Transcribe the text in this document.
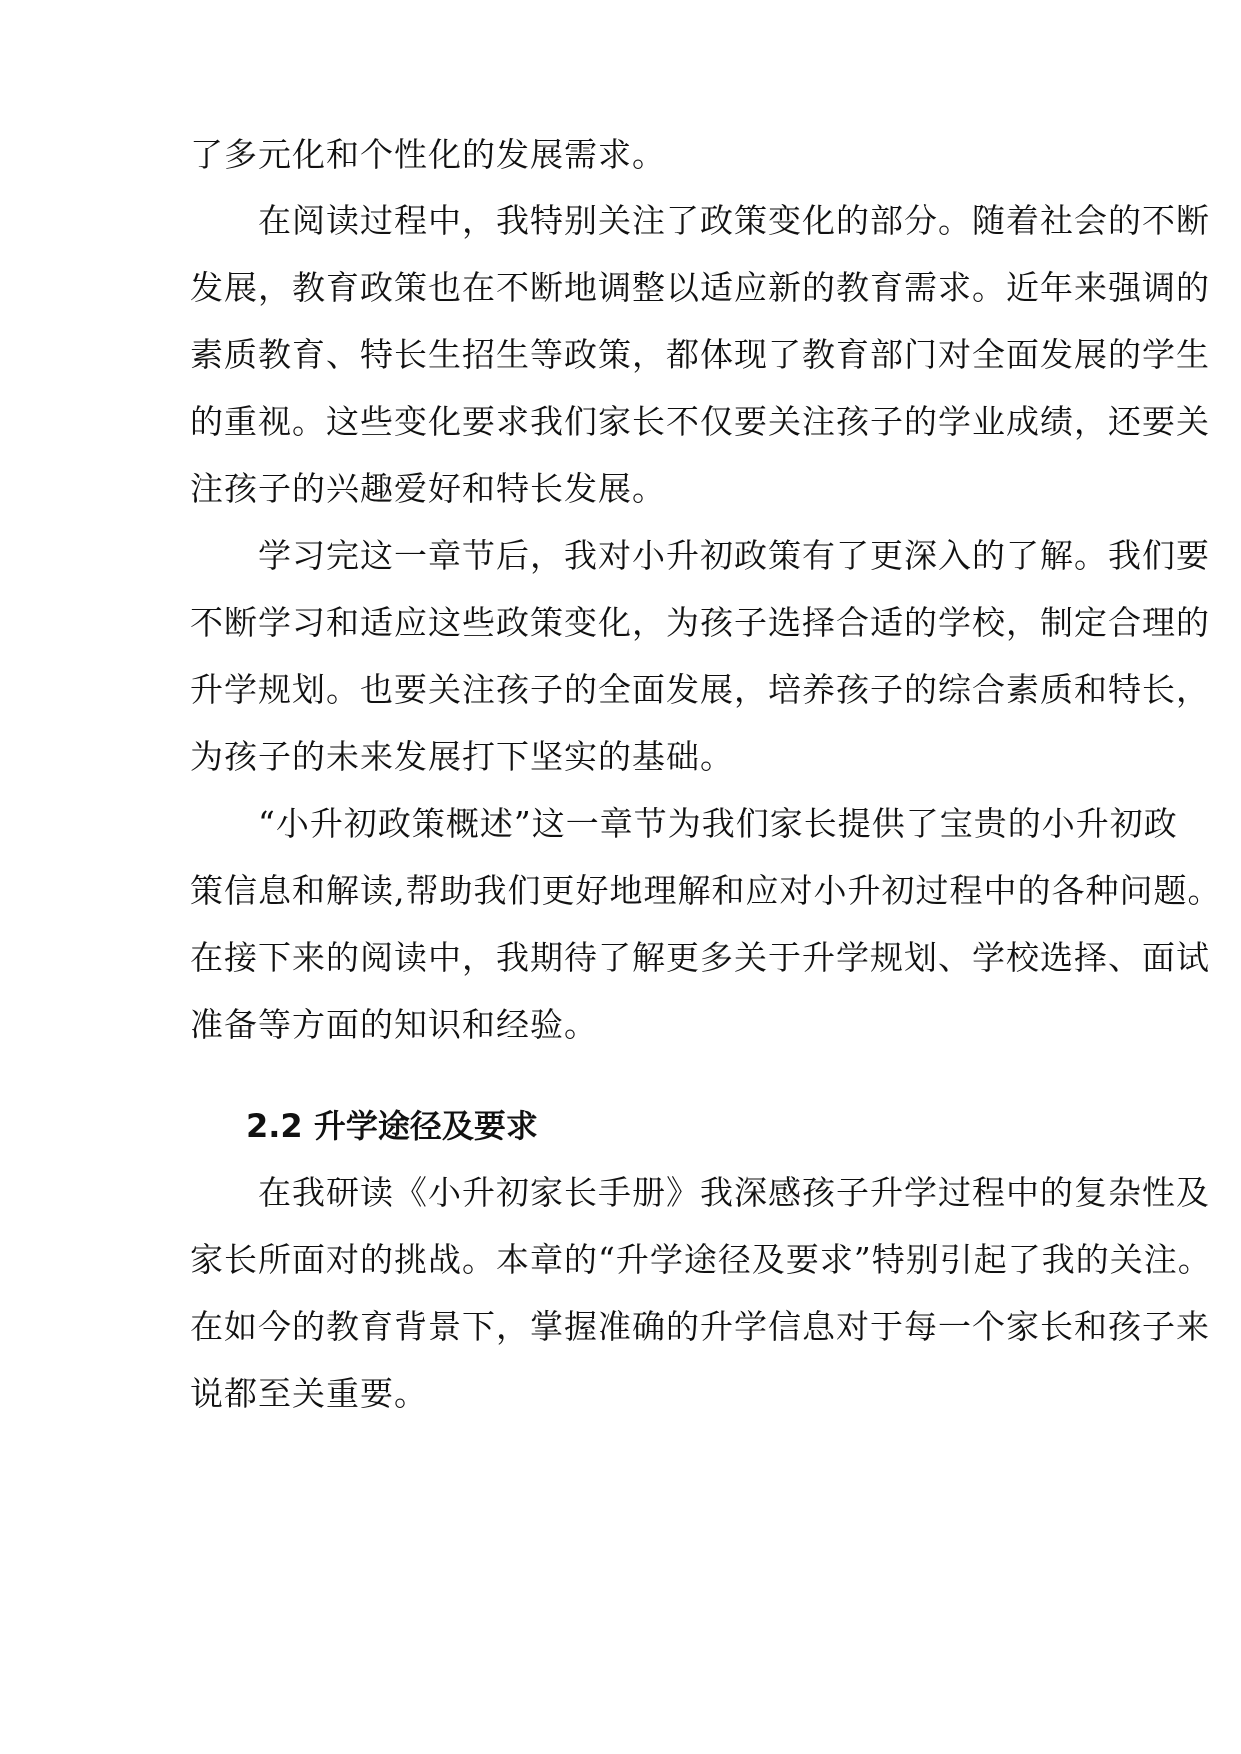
了多元化和个性化的发展需求。
　　在阅读过程中，我特别关注了政策变化的部分。随着社会的不断
发展，教育政策也在不断地调整以适应新的教育需求。近年来强调的
素质教育、特长生招生等政策，都体现了教育部门对全面发展的学生
的重视。这些变化要求我们家长不仅要关注孩子的学业成绩，还要关
注孩子的兴趣爱好和特长发展。
　　学习完这一章节后，我对小升初政策有了更深入的了解。我们要
不断学习和适应这些政策变化，为孩子选择合适的学校，制定合理的
升学规划。也要关注孩子的全面发展，培养孩子的综合素质和特长，
为孩子的未来发展打下坚实的基础。
　　“小升初政策概述”这一章节为我们家长提供了宝贵的小升初政
策信息和解读,帮助我们更好地理解和应对小升初过程中的各种问题。
在接下来的阅读中，我期待了解更多关于升学规划、学校选择、面试
准备等方面的知识和经验。
2.2 升学途径及要求
　　在我研读《小升初家长手册》我深感孩子升学过程中的复杂性及
家长所面对的挑战。本章的“升学途径及要求”特别引起了我的关注。
在如今的教育背景下，掌握准确的升学信息对于每一个家长和孩子来
说都至关重要。
